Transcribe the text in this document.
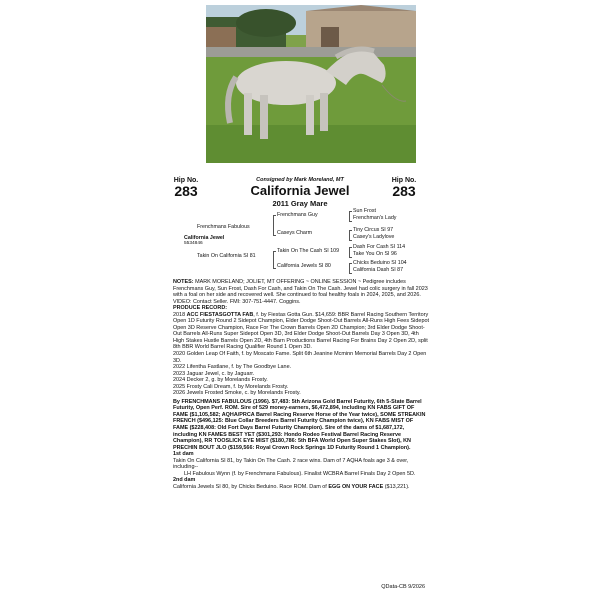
Hip No.
283
Hip No.
283
Consigned by Mark Moreland, MT
California Jewel
2011 Gray Mare
Frenchmans Fabulous
Frenchmans Guy
Caseys Charm
Sun Frost
Frenchman's Lady
Tiny Circus SI 97
Casey's Ladylove
California Jewel
5534846
Takin On California SI 81
Takin On The Cash SI 109
California Jewels SI 80
Dash For Cash SI 114
Take You On SI 96
Chicks Beduino SI 104
California Dash SI 87

NOTES: MARK MORELAND; JOLIET, MT OFFERING ~ ONLINE SESSION ~ Pedigree includes Frenchmans Guy, Sun Frost, Dash For Cash, and Takin On The Cash. Jewel had colic surgery in fall 2023 with a foal on her side and recovered well. She continued to foal healthy foals in 2024, 2025, and 2026. VIDEO: Contact Seller. FMI: 307-751-4447. Coggins.

PRODUCE RECORD:

2018 ACC FIESTASGOTTA FAB, f. by Fiestas Gotta Gun. $14,659: BBR Barrel Racing Southern Territory Open 1D Futurity Round 2 Sidepot Champion, Elder Dodge Shoot-Out Barrels All-Runs High Fees Sidepot Open 3D Reserve Champion, Race For The Crown Barrels Open 2D Champion; 3rd Elder Dodge Shoot-Out Barrels All-Runs Super Sidepot Open 3D, 3rd Elder Dodge Shoot-Out Barrels Day 3 Open 3D, 4th High Stakes Hustle Barrels Open 2D, 4th Barn Productions Barrel Racing For Brains Day 2 Open 2D, split 8th BBR World Barrel Racing Qualifier Round 1 Open 3D.

2020 Golden Leap Of Faith, f. by Moscato Fame. Split 6th Jeanine Mcminn Memorial Barrels Day 2 Open 3D.

2022 Lifentha Fastlane, f. by The Goodbye Lane.

2023 Jaguar Jewel, c. by Jaguarr.

2024 Decker 2, g. by Morelands Frosty.

2025 Frosty Cali Dream, f. by Morelands Frosty.

2026 Jewels Frosted Smoke, c. by Morelands Frosty.

By FRENCHMANS FABULOUS (1996). $7,483: 5th Arizona Gold Barrel Futurity, 6th 5-State Barrel Futurity, Open Perf. ROM. Sire of 529 money-earners, $6,472,894, including KN FABS GIFT OF FAME ($1,105,582; AQHA/PRCA Barrel Racing Reserve Horse of the Year twice), SOME STREAKIN FRENCH ($496,125: Blue Collar Breeders Barrel Futurity Champion twice), KN FABS MIST OF FAME ($228,408: Old Fort Days Barrel Futurity Champion). Sire of the dams of $1,687,172, including KN FAMES BEST YET ($301,293: Hondo Rodeo Festival Barrel Racing Reserve Champion), RR TOOSLICK EYE MIST ($180,786: 5th BFA World Open Super Stakes Slot), KN PRECHIN BOUT JLO ($159,566: Royal Crown Rock Springs 1D Futurity Round 1 Champion).

1st dam

Takin On California SI 81, by Takin On The Cash. 2 race wins. Dam of 7 AQHA foals age 3 & over, including--

LH Fabulous Wynn (f. by Frenchmans Fabulous). Finalist WCBRA Barrel Finals Day 2 Open 5D.

2nd dam

California Jewels SI 80, by Chicks Beduino. Race ROM. Dam of EGG ON YOUR FACE ($13,221).

QData-CB 9/2026
